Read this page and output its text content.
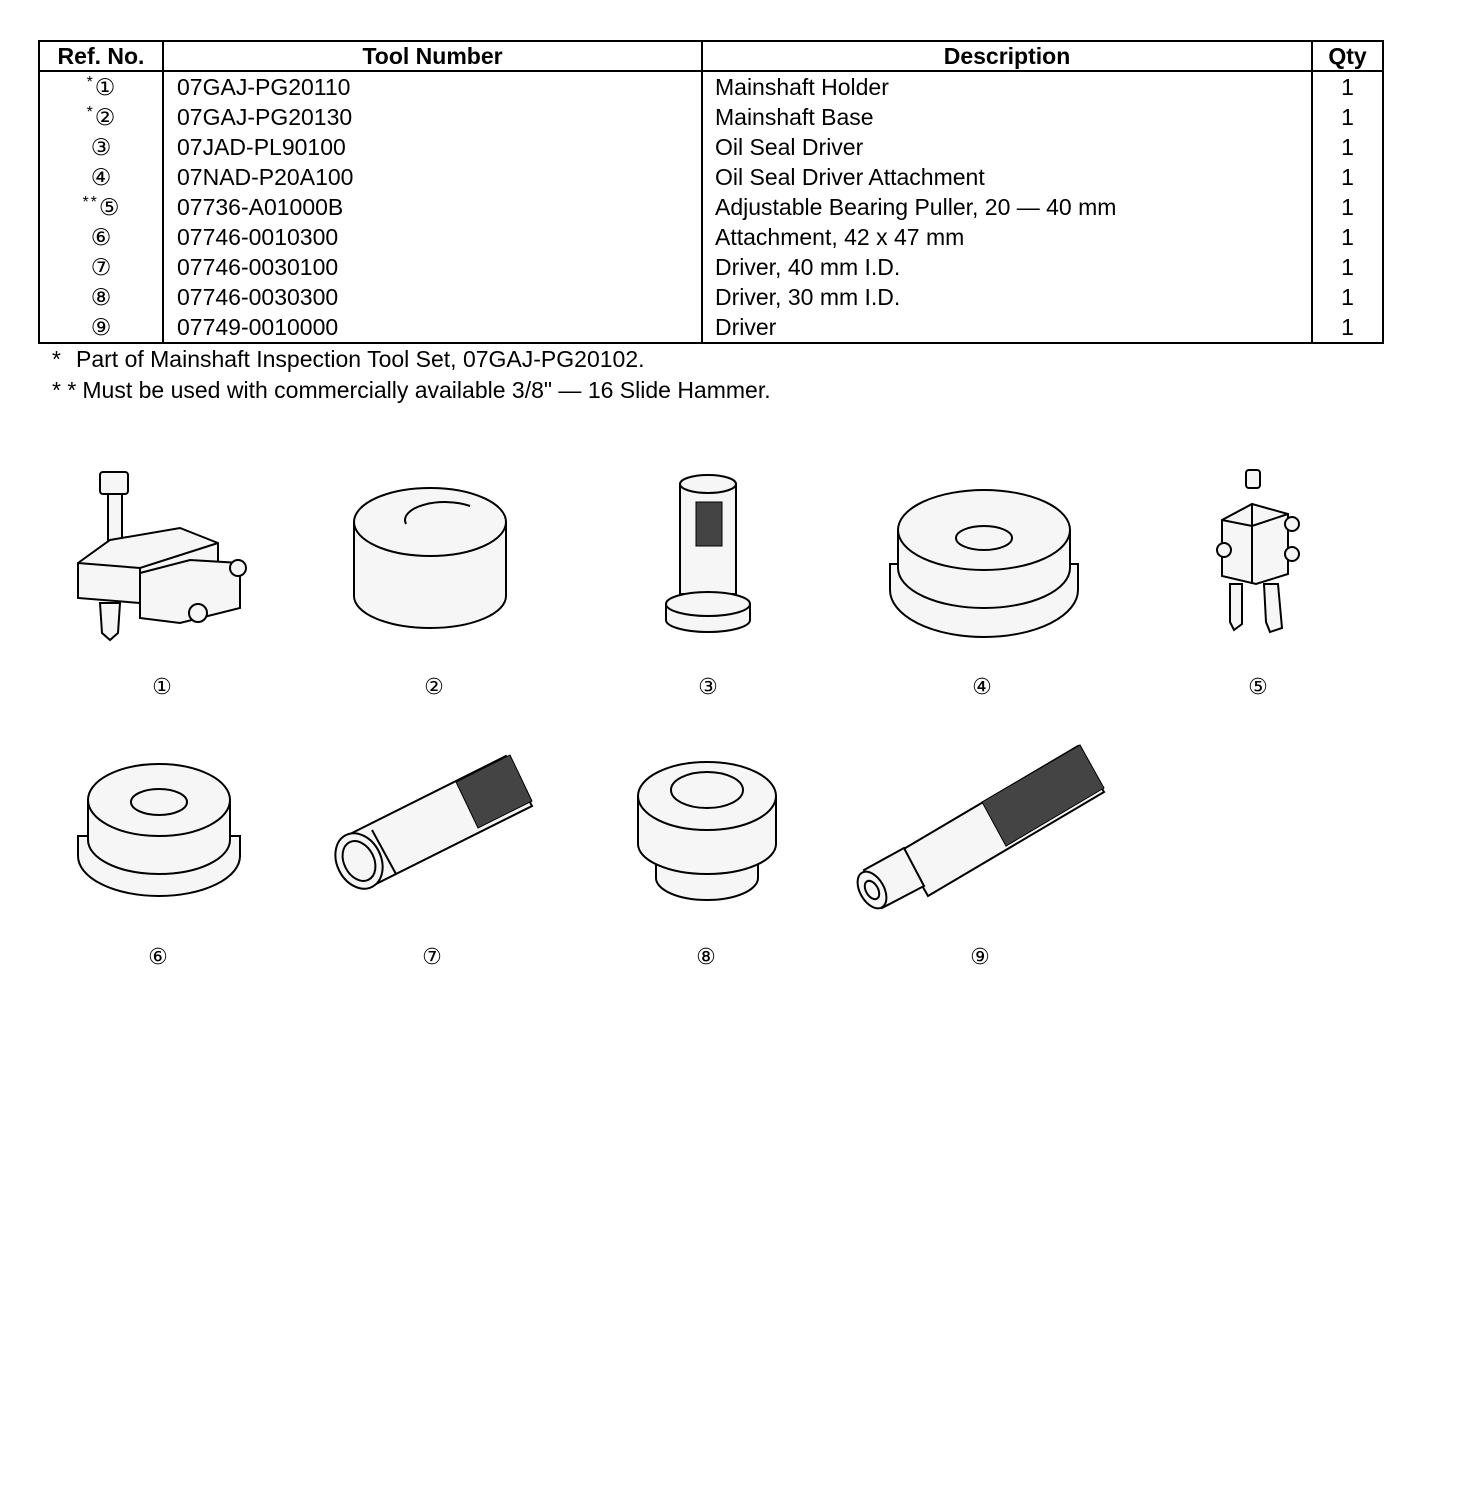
Ref. No.	Tool Number	Description	Qty
*①	07GAJ-PG20110	Mainshaft Holder	1
*②	07GAJ-PG20130	Mainshaft Base	1
③	07JAD-PL90100	Oil Seal Driver	1
④	07NAD-P20A100	Oil Seal Driver Attachment	1
**⑤	07736-A01000B	Adjustable Bearing Puller, 20 — 40 mm	1
⑥	07746-0010300	Attachment, 42 x 47 mm	1
⑦	07746-0030100	Driver, 40 mm I.D.	1
⑧	07746-0030300	Driver, 30 mm I.D.	1
⑨	07749-0010000	Driver	1
* Part of Mainshaft Inspection Tool Set, 07GAJ-PG20102.
* * Must be used with commercially available 3/8" — 16 Slide Hammer.
①	②	③	④	⑤
⑥	⑦	⑧	⑨
